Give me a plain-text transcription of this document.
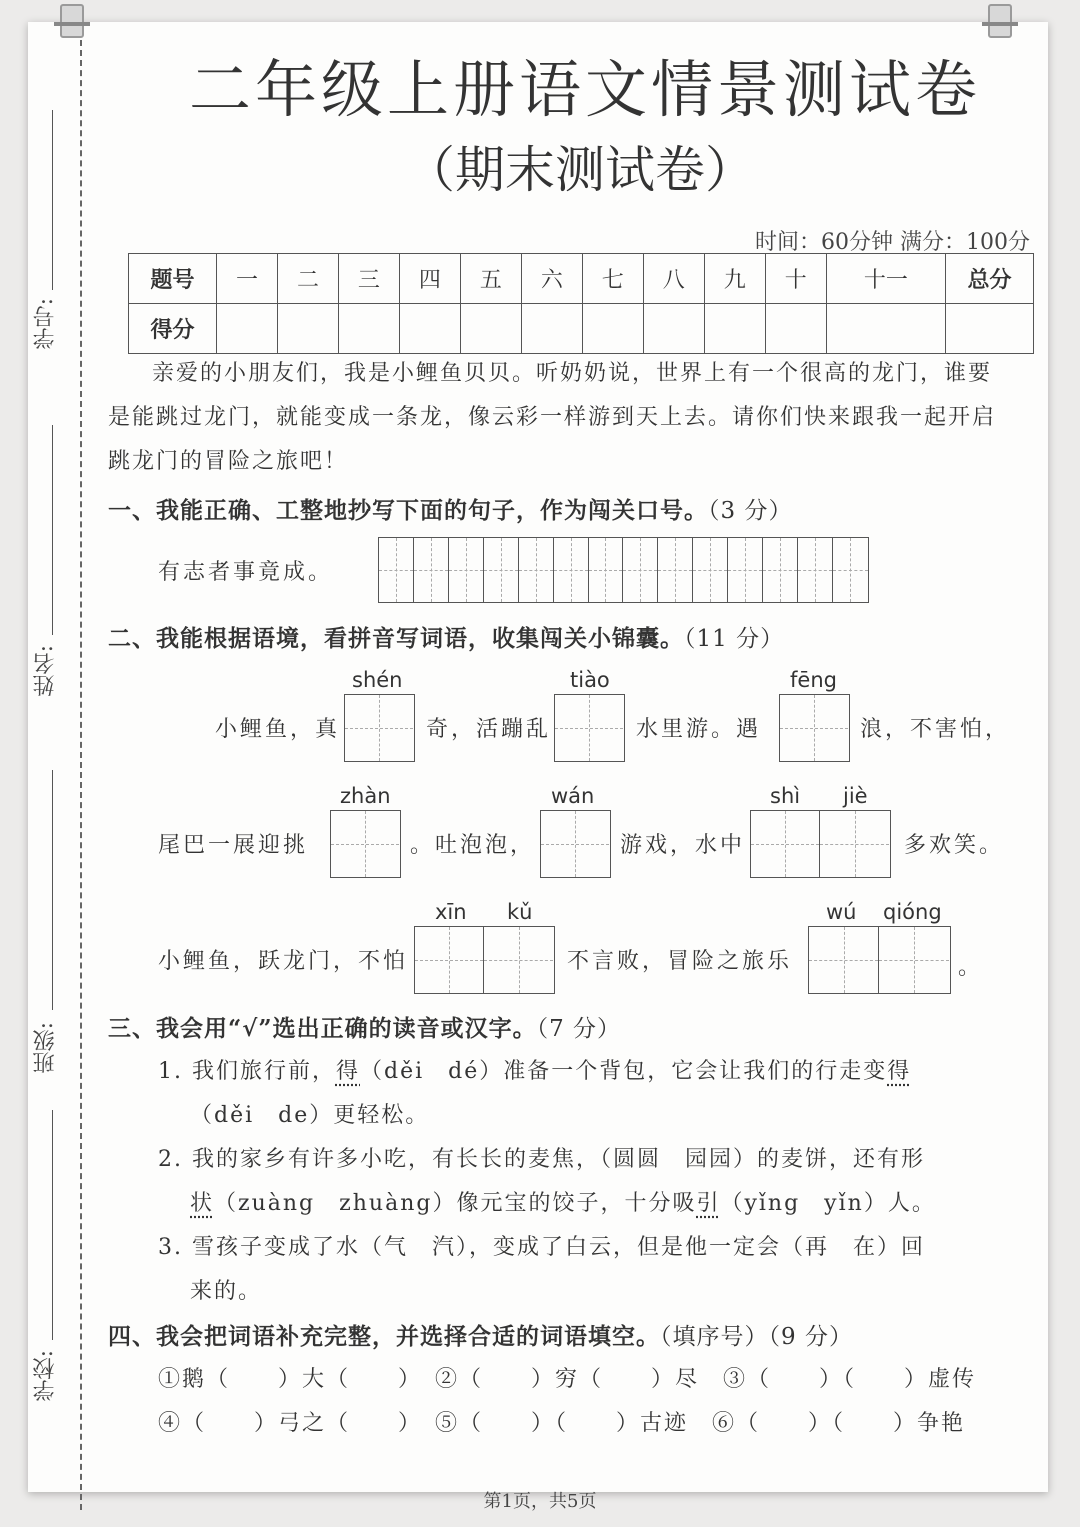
学号:
姓名:
班级:
学校:
二年级上册语文情景测试卷
（期末测试卷）
时间：60分钟 满分：100分
题号	一	二	三	四	五	六	七	八	九	十	十一	总分
得分												
亲爱的小朋友们，我是小鲤鱼贝贝。听奶奶说，世界上有一个很高的龙门，谁要是能跳过龙门，就能变成一条龙，像云彩一样游到天上去。请你们快来跟我一起开启跳龙门的冒险之旅吧！
一、我能正确、工整地抄写下面的句子，作为闯关口号。（3 分）
有志者事竟成。
二、我能根据语境，看拼音写词语，收集闯关小锦囊。（11 分）
shén	tiào	fēng
小鲤鱼，真	奇，活蹦乱	水里游。遇	浪，不害怕，
zhàn	wán	shì jiè
尾巴一展迎挑	。吐泡泡，	游戏，水中	多欢笑。
xīn kǔ	wú qióng
小鲤鱼，跃龙门，不怕	不言败，冒险之旅乐	。
三、我会用“√”选出正确的读音或汉字。（7 分）
1. 我们旅行前，得（děi　dé）准备一个背包，它会让我们的行走变得
（děi　de）更轻松。
2. 我的家乡有许多小吃，有长长的麦焦，（圆圆　园园）的麦饼，还有形
状（zuàng　zhuàng）像元宝的饺子，十分吸引（yǐng　yǐn）人。
3. 雪孩子变成了水（气　汽），变成了白云，但是他一定会（再　在）回
来的。
四、我会把词语补充完整，并选择合适的词语填空。（填序号）（9 分）
①鹅（　　）大（　　）　②（　　）穷（　　）尽　③（　　）（　　）虚传
④（　　）弓之（　　）　⑤（　　）（　　）古迹　⑥（　　）（　　）争艳
第1页，共5页
